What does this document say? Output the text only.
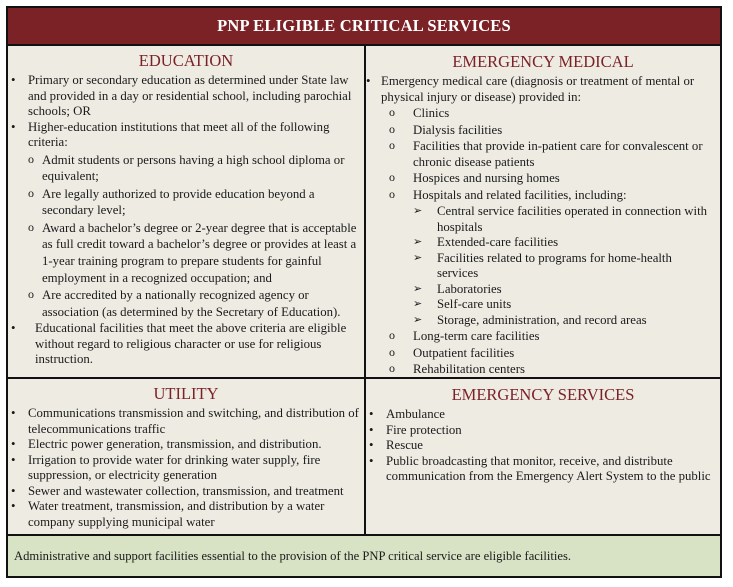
PNP ELIGIBLE CRITICAL SERVICES
EDUCATION
• Primary or secondary education as determined under State law and provided in a day or residential school, including parochial schools; OR
• Higher-education institutions that meet all of the following criteria:
o Admit students or persons having a high school diploma or equivalent;
o Are legally authorized to provide education beyond a secondary level;
o Award a bachelor’s degree or 2-year degree that is acceptable as full credit toward a bachelor’s degree or provides at least a 1-year training program to prepare students for gainful employment in a recognized occupation; and
o Are accredited by a nationally recognized agency or association (as determined by the Secretary of Education).
• Educational facilities that meet the above criteria are eligible without regard to religious character or use for religious instruction.
EMERGENCY MEDICAL
• Emergency medical care (diagnosis or treatment of mental or physical injury or disease) provided in:
o Clinics
o Dialysis facilities
o Facilities that provide in-patient care for convalescent or chronic disease patients
o Hospices and nursing homes
o Hospitals and related facilities, including:
➢ Central service facilities operated in connection with hospitals
➢ Extended-care facilities
➢ Facilities related to programs for home-health services
➢ Laboratories
➢ Self-care units
➢ Storage, administration, and record areas
o Long-term care facilities
o Outpatient facilities
o Rehabilitation centers
UTILITY
• Communications transmission and switching, and distribution of telecommunications traffic
• Electric power generation, transmission, and distribution.
• Irrigation to provide water for drinking water supply, fire suppression, or electricity generation
• Sewer and wastewater collection, transmission, and treatment
• Water treatment, transmission, and distribution by a water company supplying municipal water
EMERGENCY SERVICES
• Ambulance
• Fire protection
• Rescue
• Public broadcasting that monitor, receive, and distribute communication from the Emergency Alert System to the public
Administrative and support facilities essential to the provision of the PNP critical service are eligible facilities.
